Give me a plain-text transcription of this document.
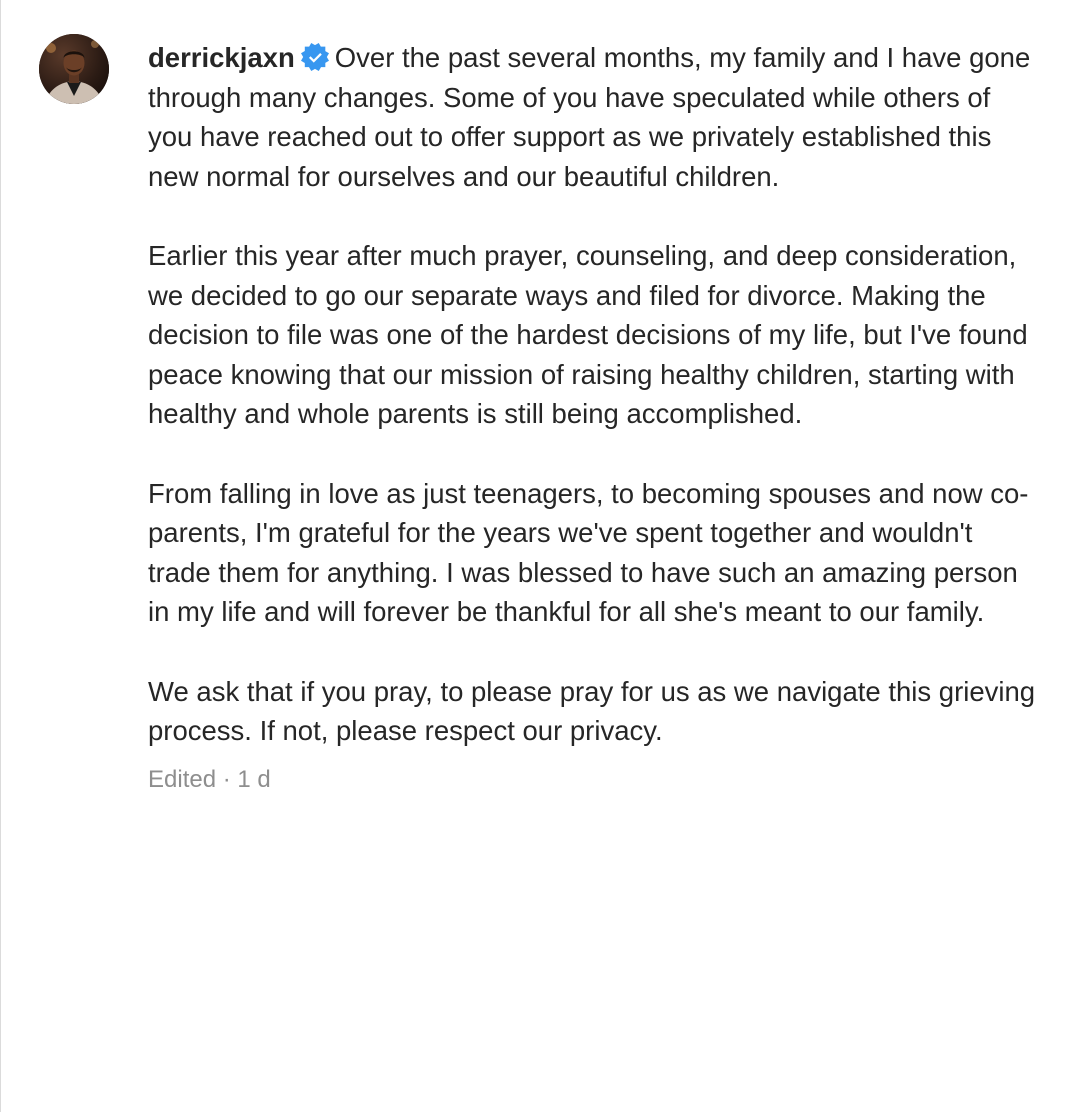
derrickjaxn Over the past several months, my family and I have gone through many changes. Some of you have speculated while others of you have reached out to offer support as we privately established this new normal for ourselves and our beautiful children.
Earlier this year after much prayer, counseling, and deep consideration, we decided to go our separate ways and filed for divorce. Making the decision to file was one of the hardest decisions of my life, but I've found peace knowing that our mission of raising healthy children, starting with healthy and whole parents is still being accomplished.
From falling in love as just teenagers, to becoming spouses and now co-parents, I'm grateful for the years we've spent together and wouldn't trade them for anything. I was blessed to have such an amazing person in my life and will forever be thankful for all she's meant to our family.
We ask that if you pray, to please pray for us as we navigate this grieving process. If not, please respect our privacy.
Edited · 1 d
